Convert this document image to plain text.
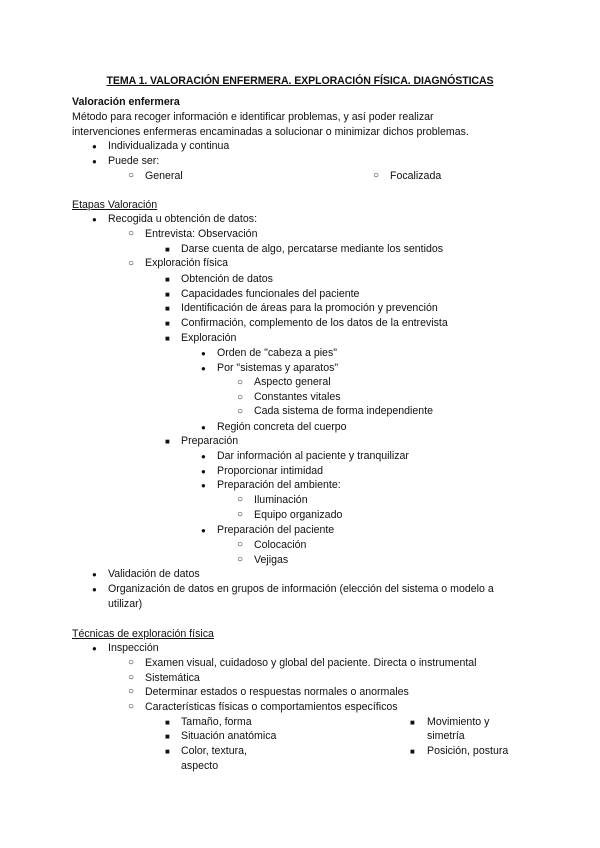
TEMA 1. VALORACIÓN ENFERMERA. EXPLORACIÓN FÍSICA. DIAGNÓSTICAS
Valoración enfermera
Método para recoger información e identificar problemas, y así poder realizar
intervenciones enfermeras encaminadas a solucionar o minimizar dichos problemas.
●
Individualizada y continua
●
Puede ser:
○
General
○	Focalizada
Etapas Valoración
●
Recogida u obtención de datos:
○
Entrevista: Observación
■
Darse cuenta de algo, percatarse mediante los sentidos
○
Exploración física
■
Obtención de datos
■
Capacidades funcionales del paciente
■
Identificación de áreas para la promoción y prevención
■
Confirmación, complemento de los datos de la entrevista
■
Exploración
●
Orden de "cabeza a pies"
●
Por "sistemas y aparatos"
○
Aspecto general
○
Constantes vitales
○
Cada sistema de forma independiente
●
Región concreta del cuerpo
■
Preparación
●
Dar información al paciente y tranquilizar
●
Proporcionar intimidad
●
Preparación del ambiente:
○
Iluminación
○
Equipo organizado
●
Preparación del paciente
○
Colocación
○
Vejigas
●
Validación de datos
●
Organización de datos en grupos de información (elección del sistema o modelo a
utilizar)
Técnicas de exploración física
●
Inspección
○
Examen visual, cuidadoso y global del paciente. Directa o instrumental
○
Sistemática
○
Determinar estados o respuestas normales o anormales
○
Características físicas o comportamientos específicos
■
Tamaño, forma
■
Situación anatómica
■
Color, textura,
aspecto
■
Movimiento y
simetría
■
Posición, postura
